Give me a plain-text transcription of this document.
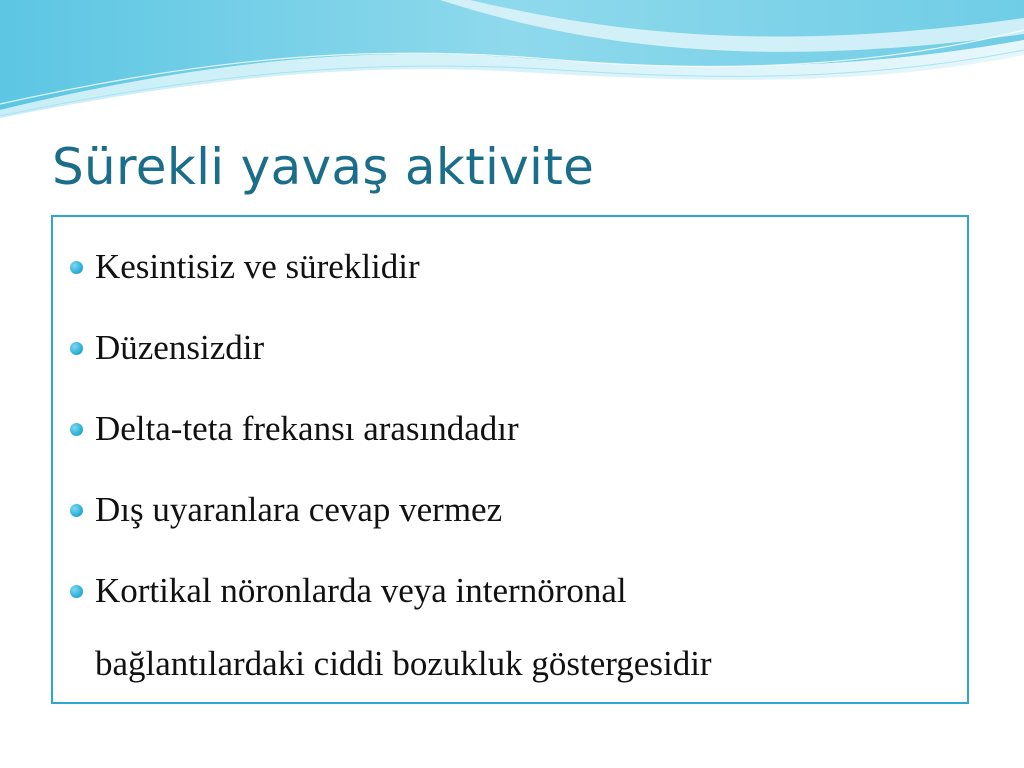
Sürekli yavaş aktivite
Kesintisiz ve süreklidir
Düzensizdir
Delta-teta frekansı arasındadır
Dış uyaranlara cevap vermez
Kortikal nöronlarda veya internöronal
bağlantılardaki ciddi bozukluk göstergesidir
